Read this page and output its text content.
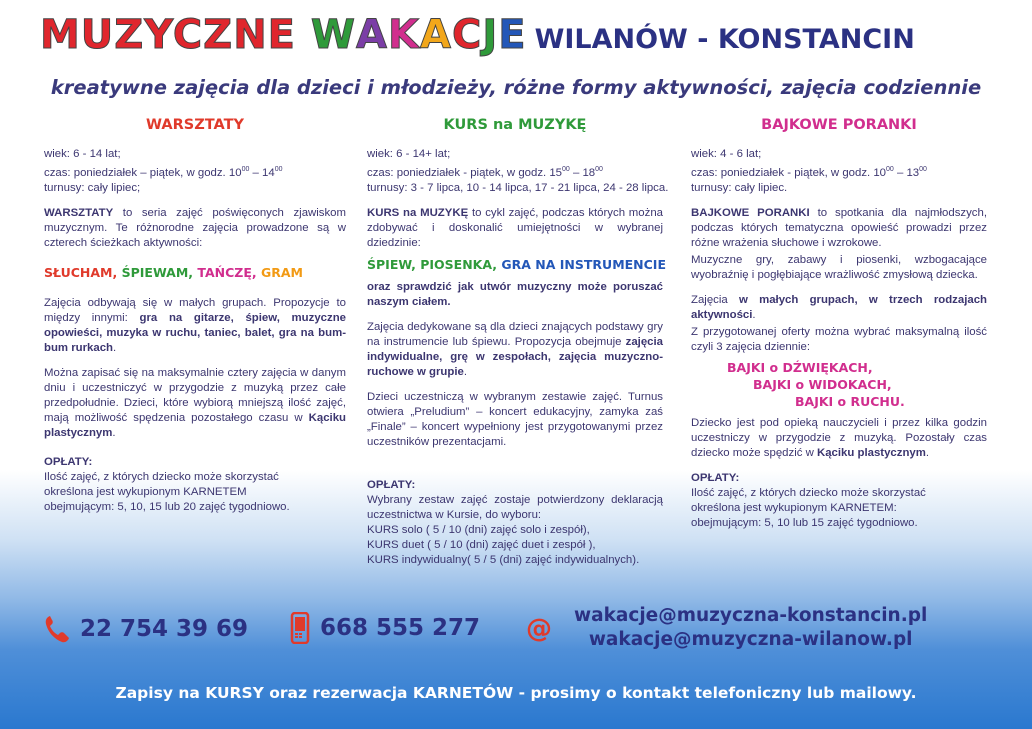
MUZYCZNE WAKACJE WILANÓW - KONSTANCIN
kreatywne zajęcia dla dzieci i młodzieży, różne formy aktywności, zajęcia codziennie
WARSZTATY
wiek: 6 - 14 lat;
czas: poniedziałek – piątek, w godz. $10^{00} - 14^{00}$
turnusy: cały lipiec;
WARSZTATY to seria zajęć poświęconych zjawiskom muzycznym. Te różnorodne zajęcia prowadzone są w czterech ścieżkach aktywności:
SŁUCHAM, ŚPIEWAM, TAŃCZĘ, GRAM
Zajęcia odbywają się w małych grupach. Propozycje to między innymi: gra na gitarze, śpiew, muzyczne opowieści, muzyka w ruchu, taniec, balet, gra na bum-bum rurkach.
Można zapisać się na maksymalnie cztery zajęcia w danym dniu i uczestniczyć w przygodzie z muzyką przez całe przedpołudnie. Dzieci, które wybiorą mniejszą ilość zajęć, mają możliwość spędzenia pozostałego czasu w Kąciku plastycznym.
OPŁATY:
Ilość zajęć, z których dziecko może skorzystać
określona jest wykupionym KARNETEM
obejmującym: 5, 10, 15 lub 20 zajęć tygodniowo.
KURS na MUZYKĘ
wiek: 6 - 14+ lat;
czas: poniedziałek - piątek, w godz. $15^{00} - 18^{00}$
turnusy: 3 - 7 lipca, 10 - 14 lipca, 17 - 21 lipca, 24 - 28 lipca.
KURS na MUZYKĘ to cykl zajęć, podczas których można zdobywać i doskonalić umiejętności w wybranej dziedzinie:
ŚPIEW, PIOSENKA, GRA NA INSTRUMENCIE
oraz sprawdzić jak utwór muzyczny może poruszać naszym ciałem.
Zajęcia dedykowane są dla dzieci znających podstawy gry na instrumencie lub śpiewu. Propozycja obejmuje zajęcia indywidualne, grę w zespołach, zajęcia muzyczno-ruchowe w grupie.
Dzieci uczestniczą w wybranym zestawie zajęć. Turnus otwiera „Preludium” – koncert edukacyjny, zamyka zaś „Finale” – koncert wypełniony jest przygotowanymi przez uczestników prezentacjami.
OPŁATY:
Wybrany zestaw zajęć zostaje potwierdzony deklaracją uczestnictwa w Kursie, do wyboru:
KURS solo ( 5 / 10 (dni) zajęć solo i zespół),
KURS duet ( 5 / 10 (dni) zajęć duet i zespół ),
KURS indywidualny( 5 / 5 (dni) zajęć indywidualnych).
BAJKOWE PORANKI
wiek: 4 - 6 lat;
czas: poniedziałek - piątek, w godz. $10^{00} - 13^{00}$
turnusy: cały lipiec.
BAJKOWE PORANKI to spotkania dla najmłodszych, podczas których tematyczna opowieść prowadzi przez różne wrażenia słuchowe i wzrokowe.
Muzyczne gry, zabawy i piosenki, wzbogacające wyobraźnię i pogłębiające wrażliwość zmysłową dziecka.
Zajęcia w małych grupach, w trzech rodzajach aktywności.
Z przygotowanej oferty można wybrać maksymalną ilość czyli 3 zajęcia dziennie:
BAJKI o DŹWIĘKACH,
BAJKI o WIDOKACH,
BAJKI o RUCHU.
Dziecko jest pod opieką nauczycieli i przez kilka godzin uczestniczy w przygodzie z muzyką. Pozostały czas dziecko może spędzić w Kąciku plastycznym.
OPŁATY:
Ilość zajęć, z których dziecko może skorzystać
określona jest wykupionym KARNETEM:
obejmującym: 5, 10 lub 15 zajęć tygodniowo.
22 754 39 69	668 555 277 @ wakacje@muzyczna-konstancin.pl
wakacje@muzyczna-wilanow.pl
Zapisy na KURSY oraz rezerwacja KARNETÓW - prosimy o kontakt telefoniczny lub mailowy.
